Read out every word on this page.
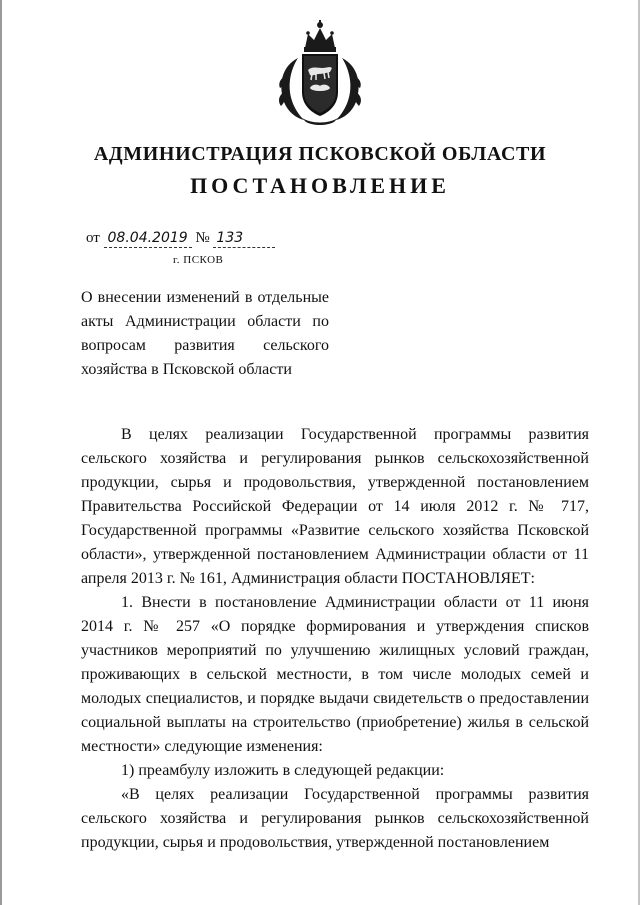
АДМИНИСТРАЦИЯ ПСКОВСКОЙ ОБЛАСТИ
ПОСТАНОВЛЕНИЕ
от 08.04.2019 № 133
г. ПСКОВ
О внесении изменений в отдельные акты Администрации области по вопросам развития сельского хозяйства в Псковской области

В целях реализации Государственной программы развития сельского хозяйства и регулирования рынков сельскохозяйственной продукции, сырья и продовольствия, утвержденной постановлением Правительства Российской Федерации от 14 июля 2012 г. № 717, Государственной программы «Развитие сельского хозяйства Псковской области», утвержденной постановлением Администрации области от 11 апреля 2013 г. № 161, Администрация области ПОСТАНОВЛЯЕТ:

1. Внести в постановление Администрации области от 11 июня 2014 г. № 257 «О порядке формирования и утверждения списков участников мероприятий по улучшению жилищных условий граждан, проживающих в сельской местности, в том числе молодых семей и молодых специалистов, и порядке выдачи свидетельств о предоставлении социальной выплаты на строительство (приобретение) жилья в сельской местности» следующие изменения:

1) преамбулу изложить в следующей редакции:

«В целях реализации Государственной программы развития сельского хозяйства и регулирования рынков сельскохозяйственной продукции, сырья и продовольствия, утвержденной постановлением
